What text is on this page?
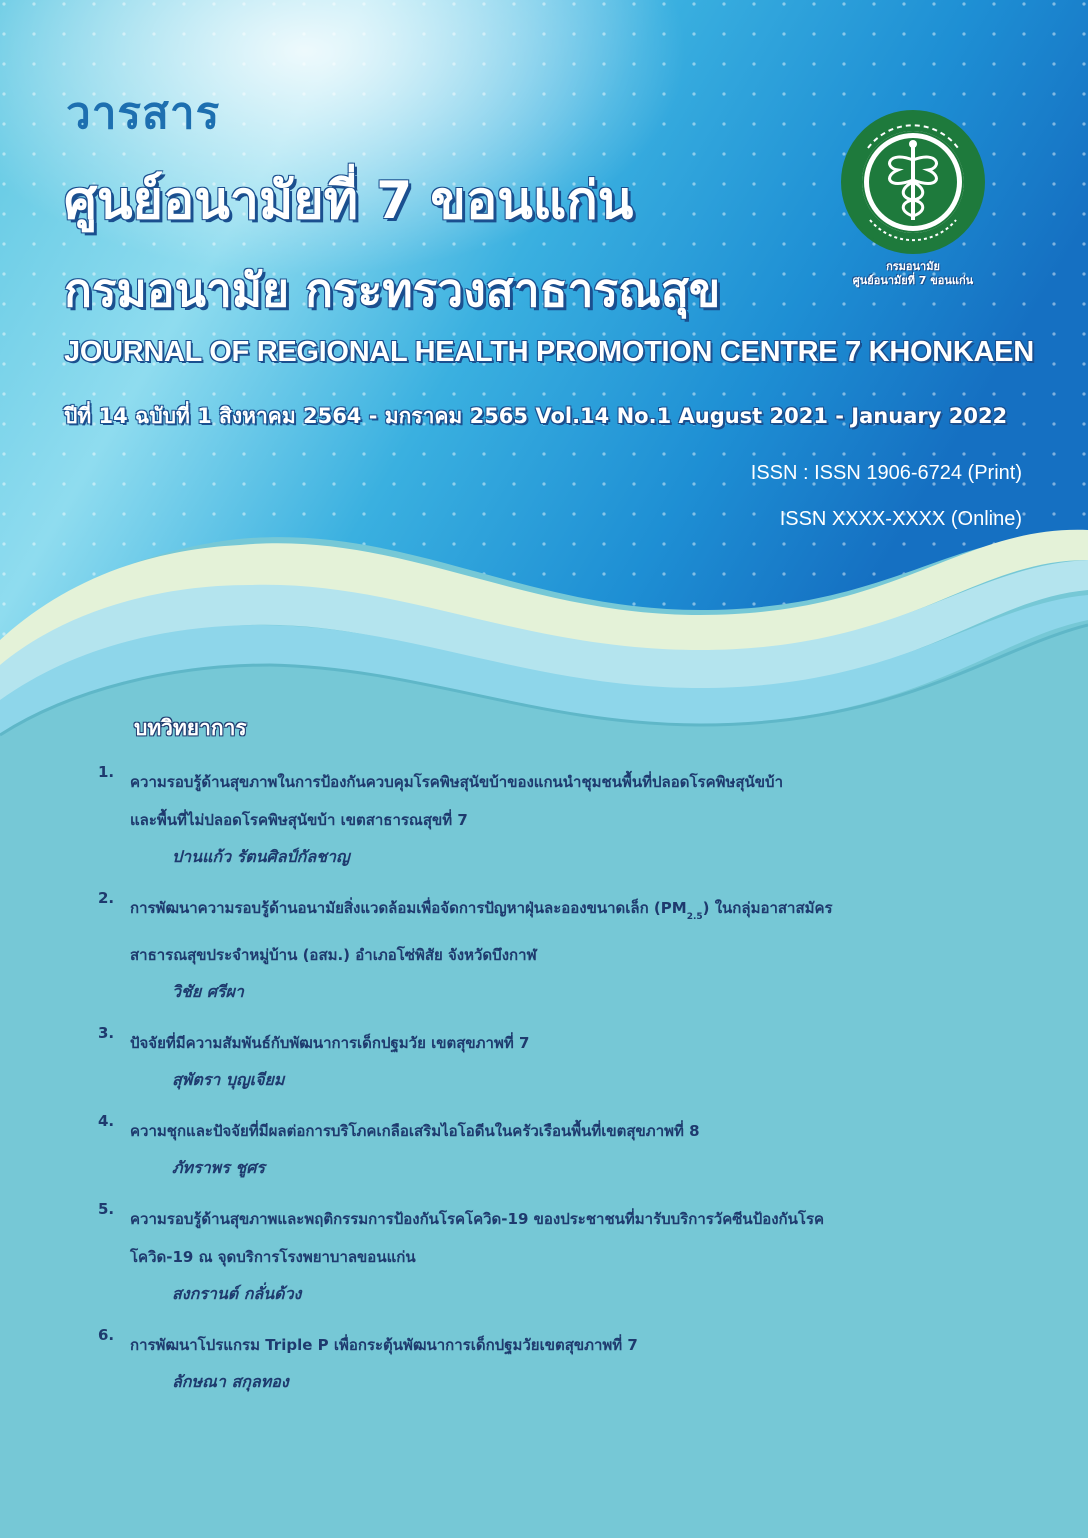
วารสาร
ศูนย์อนามัยที่ 7 ขอนแก่น
กรมอนามัย กระทรวงสาธารณสุข
JOURNAL OF REGIONAL HEALTH PROMOTION CENTRE 7 KHONKAEN
ปีที่ 14 ฉบับที่ 1 สิงหาคม 2564 - มกราคม 2565 Vol.14 No.1 August 2021 - January 2022
ISSN : ISSN 1906-6724 (Print)
ISSN XXXX-XXXX (Online)
กรมอนามัย
ศูนย์อนามัยที่ 7 ขอนแก่น
บทวิทยาการ
1.
ความรอบรู้ด้านสุขภาพในการป้องกันควบคุมโรคพิษสุนัขบ้าของแกนนำชุมชนพื้นที่ปลอดโรคพิษสุนัขบ้า
และพื้นที่ไม่ปลอดโรคพิษสุนัขบ้า เขตสาธารณสุขที่ 7
ปานแก้ว รัตนศิลป์กัลชาญ
2.
การพัฒนาความรอบรู้ด้านอนามัยสิ่งแวดล้อมเพื่อจัดการปัญหาฝุ่นละอองขนาดเล็ก $(PM_{2.5})$ ในกลุ่มอาสาสมัคร
สาธารณสุขประจำหมู่บ้าน (อสม.) อำเภอโซ่พิสัย จังหวัดบึงกาฬ
วิชัย ศรีผา
3.
ปัจจัยที่มีความสัมพันธ์กับพัฒนาการเด็กปฐมวัย เขตสุขภาพที่ 7
สุพัตรา บุญเจียม
4.
ความชุกและปัจจัยที่มีผลต่อการบริโภคเกลือเสริมไอโอดีนในครัวเรือนพื้นที่เขตสุขภาพที่ 8
ภัทราพร ชูศร
5.
ความรอบรู้ด้านสุขภาพและพฤติกรรมการป้องกันโรคโควิด-19 ของประชาชนที่มารับบริการวัคซีนป้องกันโรค
โควิด-19 ณ จุดบริการโรงพยาบาลขอนแก่น
สงกรานต์ กลั่นด้วง
6.
การพัฒนาโปรแกรม Triple P เพื่อกระตุ้นพัฒนาการเด็กปฐมวัยเขตสุขภาพที่ 7
ลักษณา สกุลทอง
